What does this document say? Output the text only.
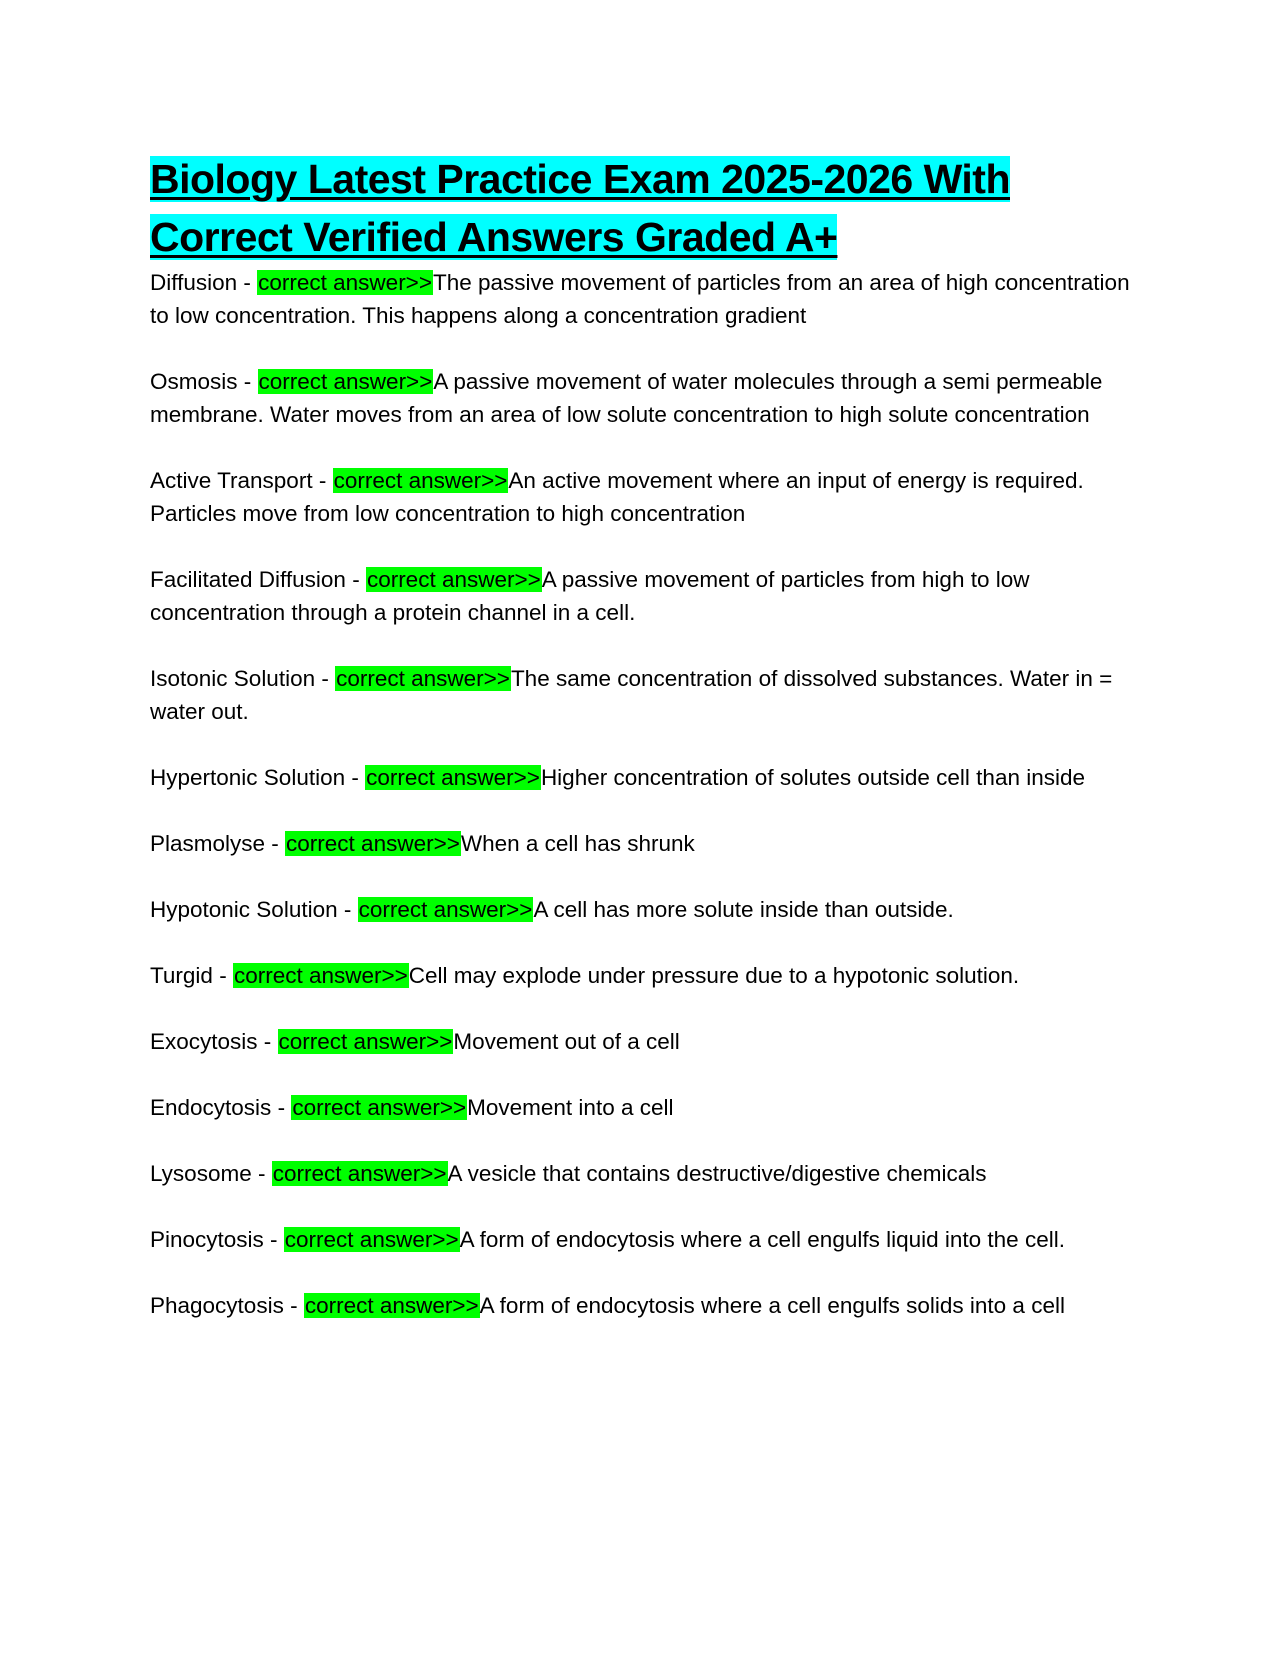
Biology Latest Practice Exam 2025-2026 With
Correct Verified Answers Graded A+
Diffusion - correct answer>>The passive movement of particles from an area of high concentration to low concentration. This happens along a concentration gradient
Osmosis - correct answer>>A passive movement of water molecules through a semi permeable membrane. Water moves from an area of low solute concentration to high solute concentration
Active Transport - correct answer>>An active movement where an input of energy is required. Particles move from low concentration to high concentration
Facilitated Diffusion - correct answer>>A passive movement of particles from high to low concentration through a protein channel in a cell.
Isotonic Solution - correct answer>>The same concentration of dissolved substances. Water in = water out.
Hypertonic Solution - correct answer>>Higher concentration of solutes outside cell than inside
Plasmolyse - correct answer>>When a cell has shrunk
Hypotonic Solution - correct answer>>A cell has more solute inside than outside.
Turgid - correct answer>>Cell may explode under pressure due to a hypotonic solution.
Exocytosis - correct answer>>Movement out of a cell
Endocytosis - correct answer>>Movement into a cell
Lysosome - correct answer>>A vesicle that contains destructive/digestive chemicals
Pinocytosis - correct answer>>A form of endocytosis where a cell engulfs liquid into the cell.
Phagocytosis - correct answer>>A form of endocytosis where a cell engulfs solids into a cell
